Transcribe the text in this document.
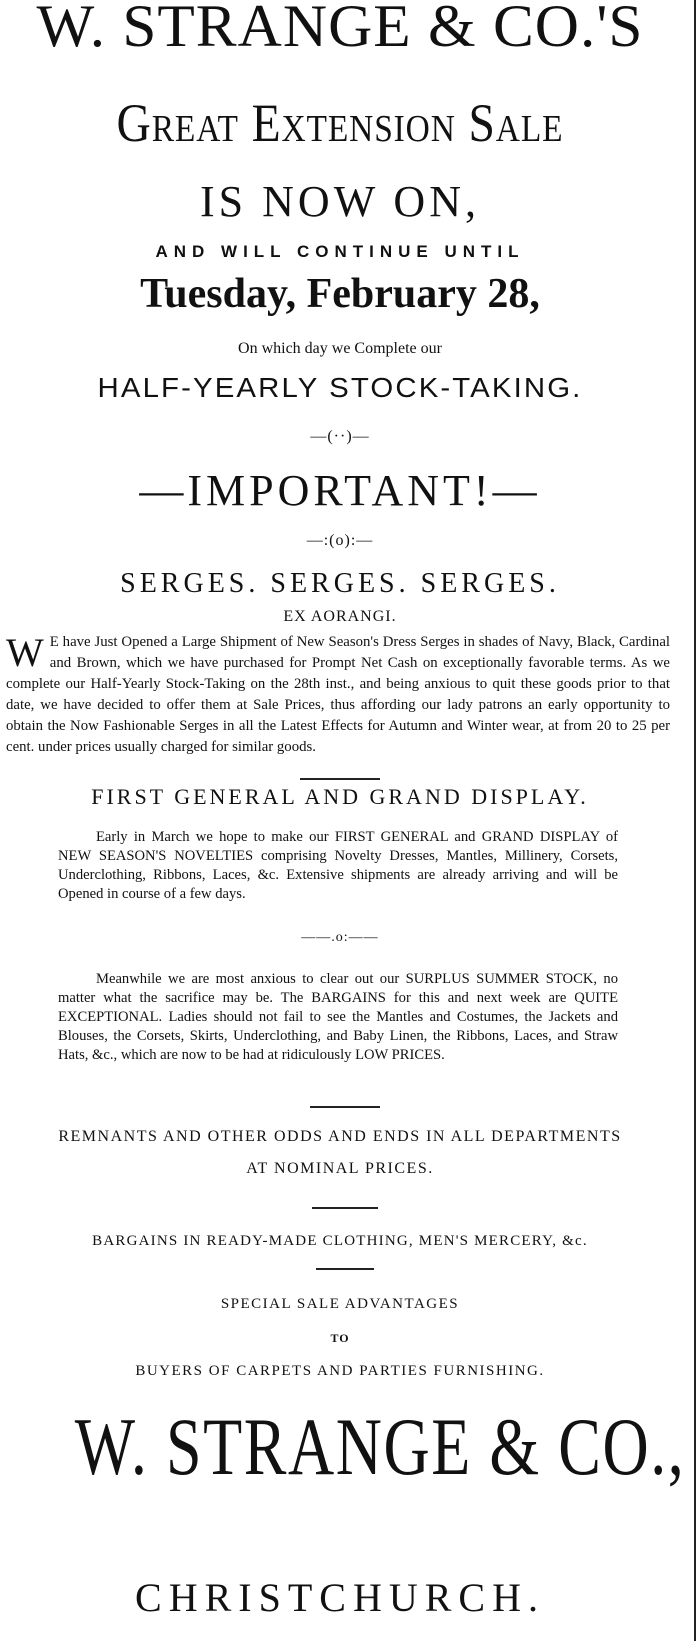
W. STRANGE & CO.'S
Great Extension Sale
IS NOW ON,
AND WILL CONTINUE UNTIL
Tuesday, February 28,
On which day we Complete our
HALF-YEARLY STOCK-TAKING.
—(··)—
—IMPORTANT!—
—:(o):—
SERGES. SERGES. SERGES.
EX AORANGI.
W E have Just Opened a Large Shipment of New Season's Dress Serges in shades of Navy, Black, Cardinal and Brown, which we have purchased for Prompt Net Cash on exceptionally favorable terms. As we complete our Half-Yearly Stock-Taking on the 28th inst., and being anxious to quit these goods prior to that date, we have decided to offer them at Sale Prices, thus affording our lady patrons an early opportunity to obtain the Now Fashionable Serges in all the Latest Effects for Autumn and Winter wear, at from 20 to 25 per cent. under prices usually charged for similar goods.
FIRST GENERAL AND GRAND DISPLAY.
Early in March we hope to make our FIRST GENERAL and GRAND DISPLAY of NEW SEASON'S NOVELTIES comprising Novelty Dresses, Mantles, Millinery, Corsets, Underclothing, Ribbons, Laces, &c. Extensive shipments are already arriving and will be Opened in course of a few days.
——.o:——
Meanwhile we are most anxious to clear out our SURPLUS SUMMER STOCK, no matter what the sacrifice may be. The BARGAINS for this and next week are QUITE EXCEPTIONAL. Ladies should not fail to see the Mantles and Costumes, the Jackets and Blouses, the Corsets, Skirts, Underclothing, and Baby Linen, the Ribbons, Laces, and Straw Hats, &c., which are now to be had at ridiculously LOW PRICES.
REMNANTS AND OTHER ODDS AND ENDS IN ALL DEPARTMENTS
AT NOMINAL PRICES.
BARGAINS IN READY-MADE CLOTHING, MEN'S MERCERY, &c.
SPECIAL SALE ADVANTAGES
TO
BUYERS OF CARPETS AND PARTIES FURNISHING.
W. STRANGE & CO.,
CHRISTCHURCH.
